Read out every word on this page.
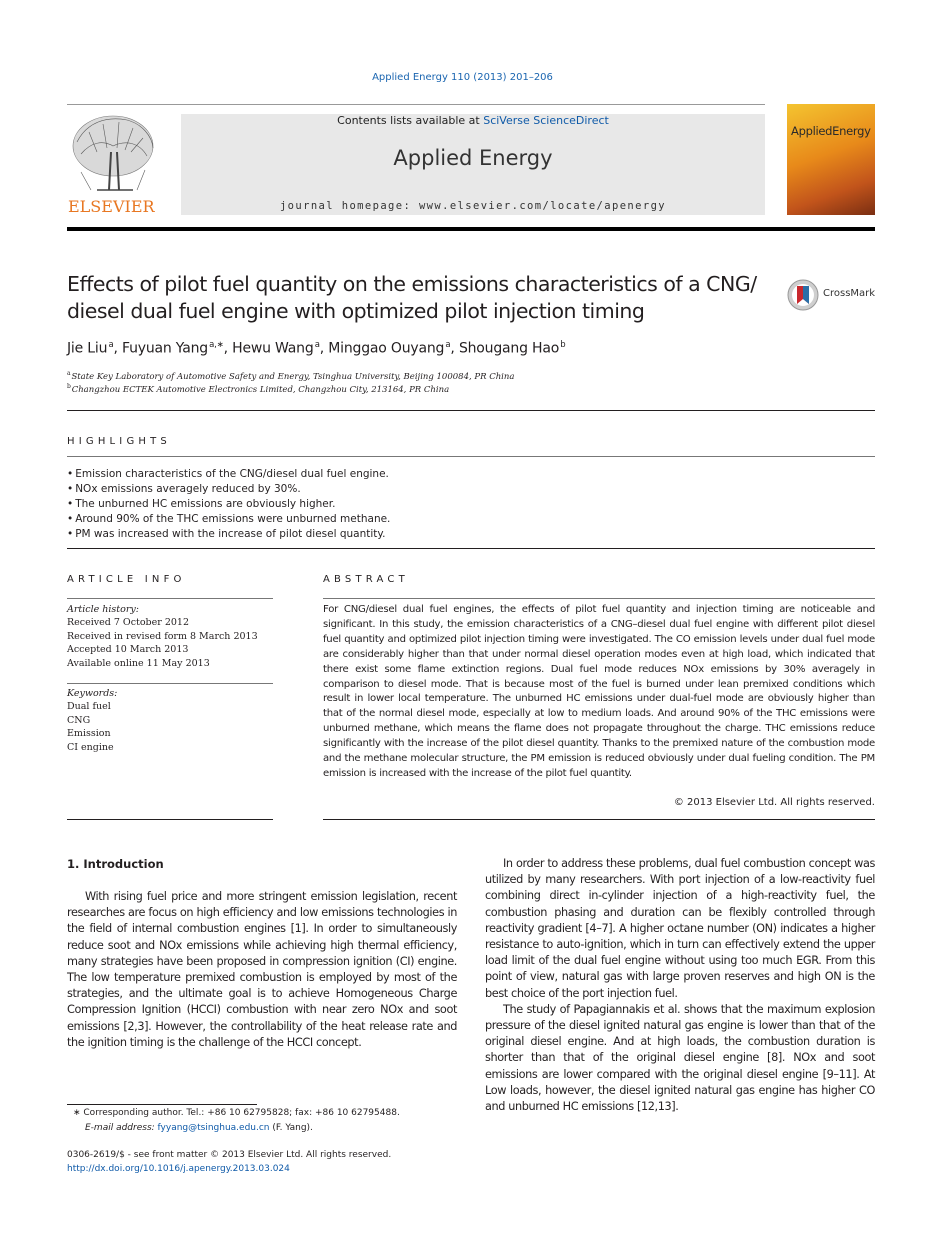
Applied Energy 110 (2013) 201–206
ELSEVIER
Contents lists available at SciVerse ScienceDirect
Applied Energy
journal homepage: www.elsevier.com/locate/apenergy
AppliedEnergy
Effects of pilot fuel quantity on the emissions characteristics of a CNG/ diesel dual fuel engine with optimized pilot injection timing
CrossMark
Jie Liu $^a$, Fuyuan Yang $^{a,∗}$, Hewu Wang $^a$, Minggao Ouyang $^a$, Shougang Hao $^b$
$^a$ State Key Laboratory of Automotive Safety and Energy, Tsinghua University, Beijing 100084, PR China
$^b$ Changzhou ECTEK Automotive Electronics Limited, Changzhou City, 213164, PR China
HIGHLIGHTS
• Emission characteristics of the CNG/diesel dual fuel engine.
• NOx emissions averagely reduced by 30%.
• The unburned HC emissions are obviously higher.
• Around 90% of the THC emissions were unburned methane.
• PM was increased with the increase of pilot diesel quantity.
ARTICLE INFO
Article history:
Received 7 October 2012
Received in revised form 8 March 2013
Accepted 10 March 2013
Available online 11 May 2013
Keywords:
Dual fuel
CNG
Emission
CI engine
ABSTRACT
For CNG/diesel dual fuel engines, the effects of pilot fuel quantity and injection timing are noticeable and significant. In this study, the emission characteristics of a CNG–diesel dual fuel engine with different pilot diesel fuel quantity and optimized pilot injection timing were investigated. The CO emission levels under dual fuel mode are considerably higher than that under normal diesel operation modes even at high load, which indicated that there exist some flame extinction regions. Dual fuel mode reduces NOx emissions by 30% averagely in comparison to diesel mode. That is because most of the fuel is burned under lean premixed conditions which result in lower local temperature. The unburned HC emissions under dual-fuel mode are obviously higher than that of the normal diesel mode, especially at low to medium loads. And around 90% of the THC emissions were unburned methane, which means the flame does not propagate throughout the charge. THC emissions reduce significantly with the increase of the pilot diesel quantity. Thanks to the premixed nature of the combustion mode and the methane molecular structure, the PM emission is reduced obviously under dual fueling condition. The PM emission is increased with the increase of the pilot fuel quantity.
© 2013 Elsevier Ltd. All rights reserved.
1. Introduction

With rising fuel price and more stringent emission legislation, recent researches are focus on high efficiency and low emissions technologies in the field of internal combustion engines [1]. In order to simultaneously reduce soot and NOx emissions while achieving high thermal efficiency, many strategies have been proposed in compression ignition (CI) engine. The low temperature premixed combustion is employed by most of the strategies, and the ultimate goal is to achieve Homogeneous Charge Compression Ignition (HCCI) combustion with near zero NOx and soot emissions [2,3]. However, the controllability of the heat release rate and the ignition timing is the challenge of the HCCI concept.

In order to address these problems, dual fuel combustion concept was utilized by many researchers. With port injection of a low-reactivity fuel combining direct in-cylinder injection of a high-reactivity fuel, the combustion phasing and duration can be flexibly controlled through reactivity gradient [4–7]. A higher octane number (ON) indicates a higher resistance to auto-ignition, which in turn can effectively extend the upper load limit of the dual fuel engine without using too much EGR. From this point of view, natural gas with large proven reserves and high ON is the best choice of the port injection fuel.

The study of Papagiannakis et al. shows that the maximum explosion pressure of the diesel ignited natural gas engine is lower than that of the original diesel engine. And at high loads, the combustion duration is shorter than that of the original diesel engine [8]. NOx and soot emissions are lower compared with the original diesel engine [9–11]. At Low loads, however, the diesel ignited natural gas engine has higher CO and unburned HC emissions [12,13].

∗ Corresponding author. Tel.: +86 10 62795828; fax: +86 10 62795488.
E-mail address: fyyang@tsinghua.edu.cn (F. Yang).
0306-2619/$ - see front matter © 2013 Elsevier Ltd. All rights reserved.
http://dx.doi.org/10.1016/j.apenergy.2013.03.024
